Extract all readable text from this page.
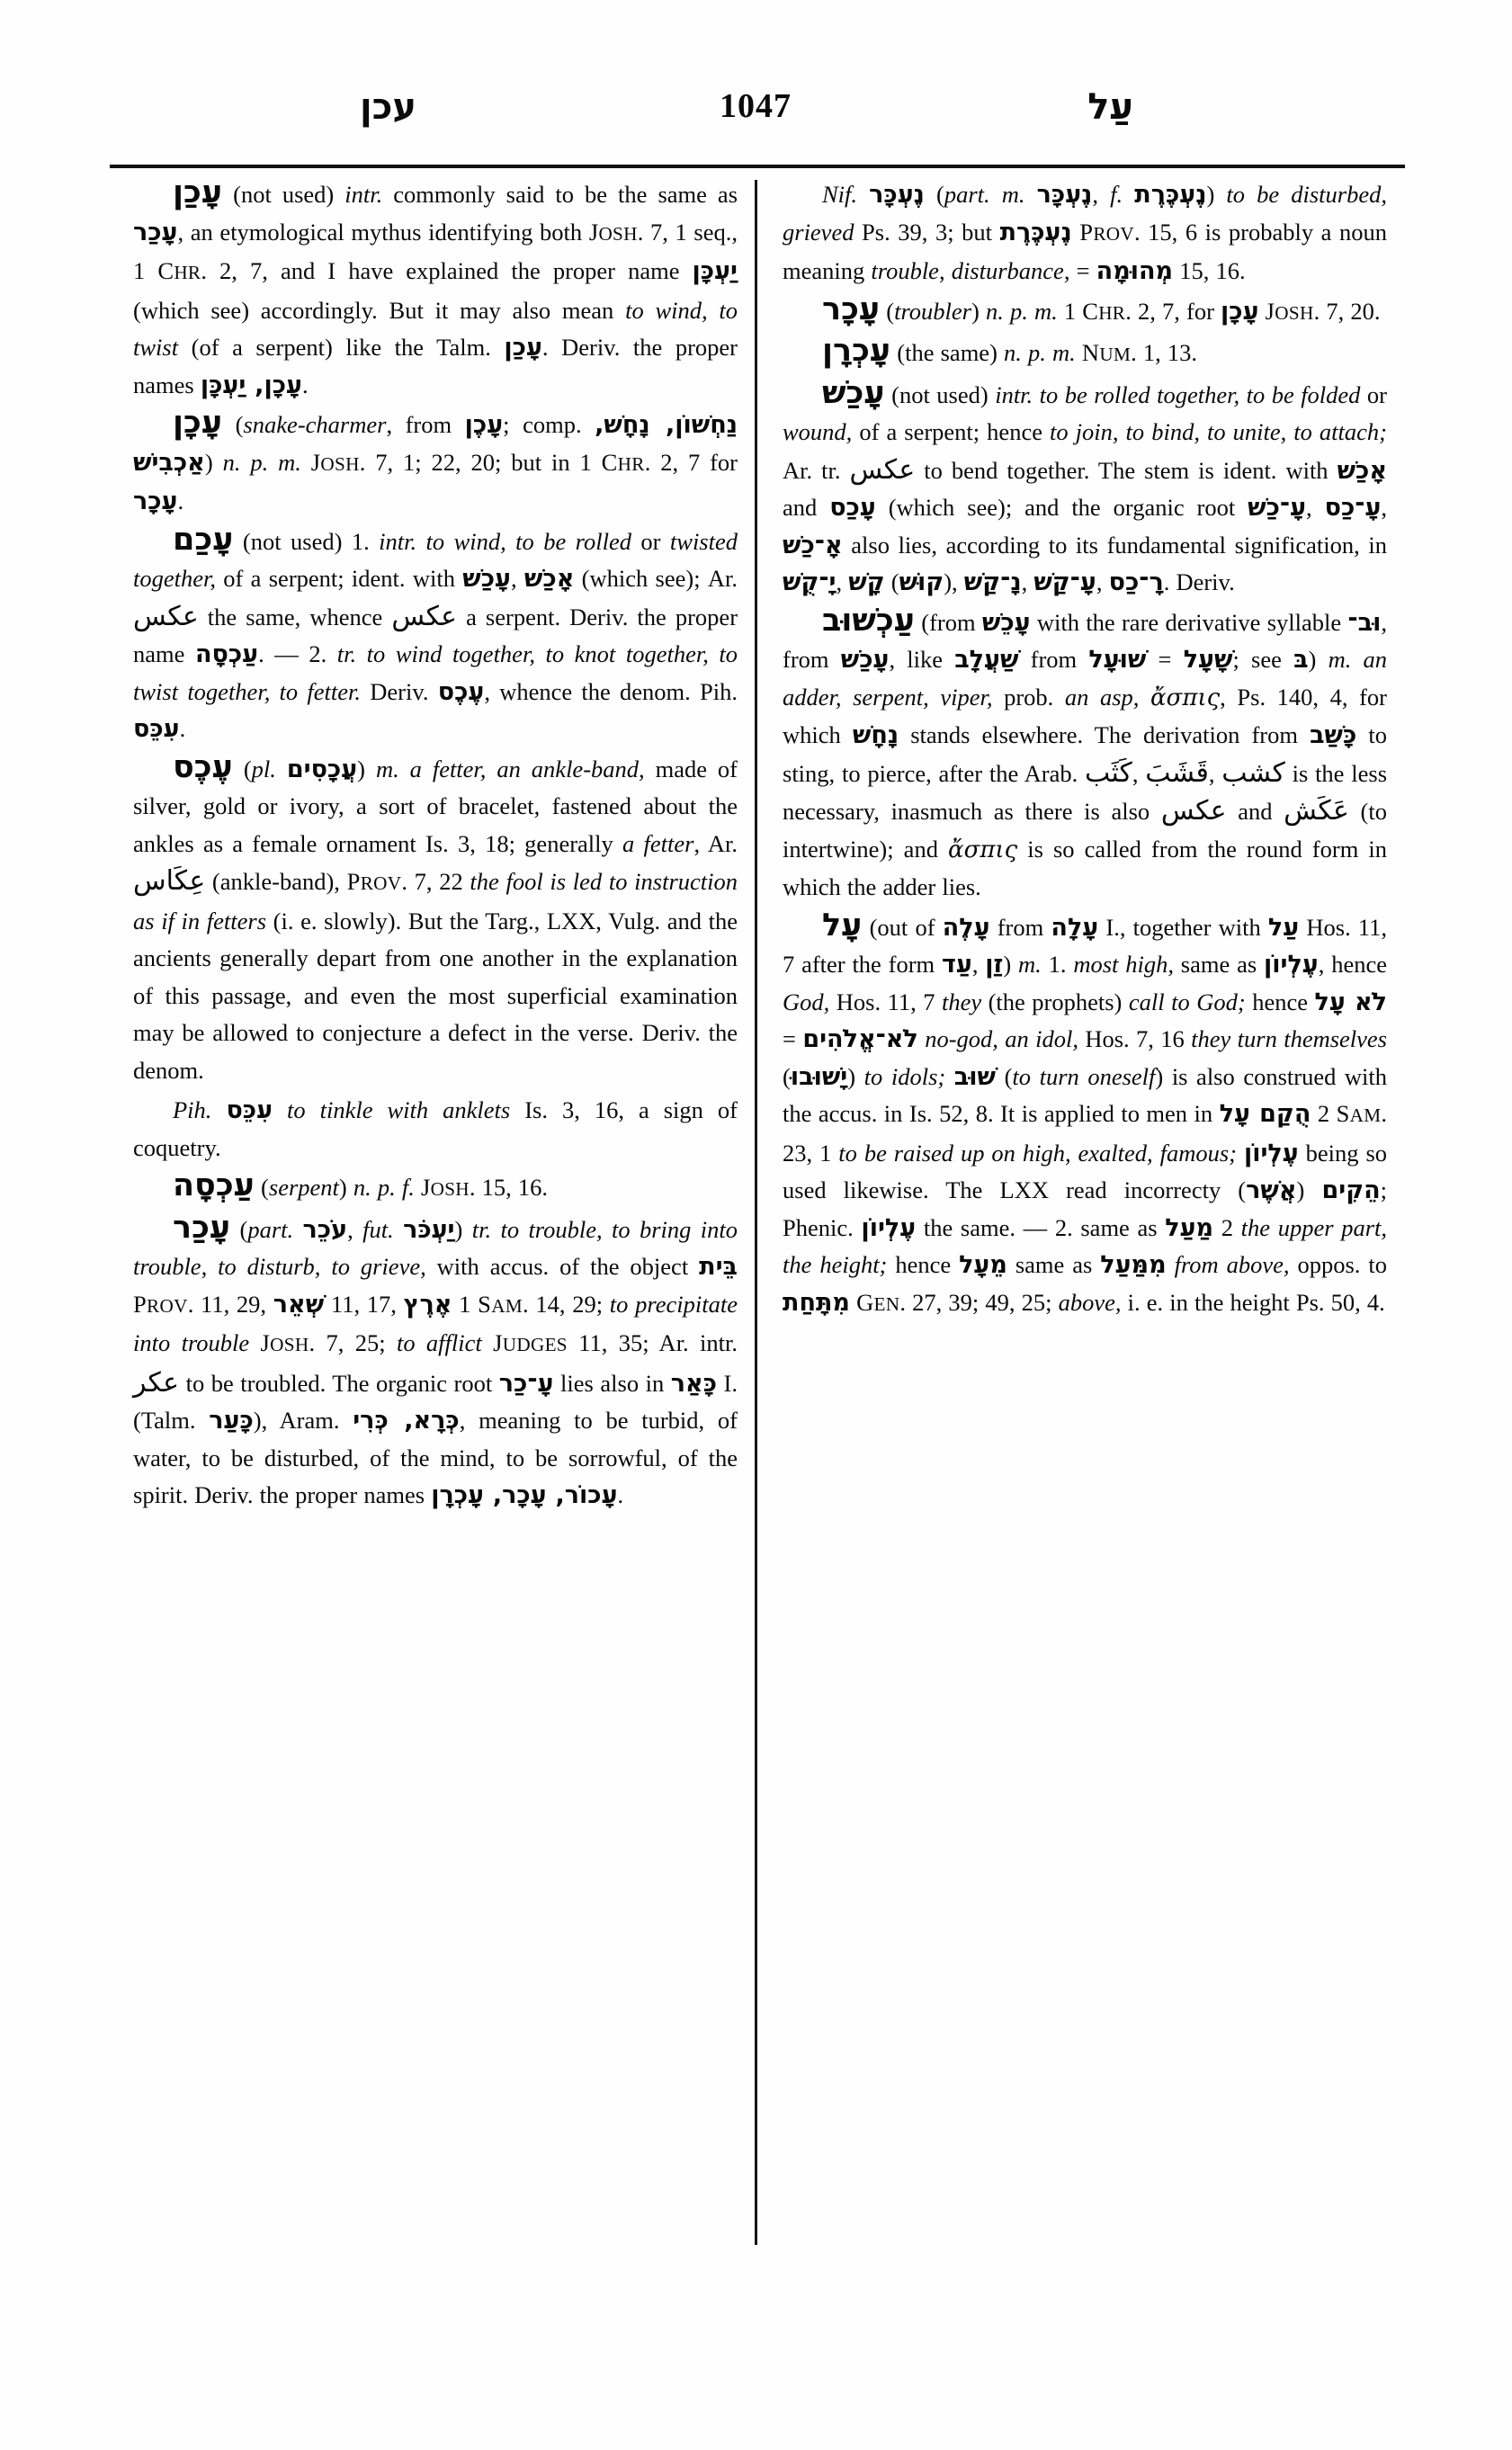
עכן	1047	עַל

עָכַן (not used) intr. commonly said to be the same as עָכַר, an etymological mythus identifying both JOSH. 7, 1 seq., 1 CHR. 2, 7, and I have explained the proper name יַעְכָּן (which see) accordingly. But it may also mean to wind, to twist (of a serpent) like the Talm. עָכַן. Deriv. the proper names עָכָן, יַעְכָּן.

עָכָן (snake-charmer, from עָכֶן; comp. נַחְשׁוֹן, נָחָשׁ, אַכְבִישׁ) n. p. m. JOSH. 7, 1; 22, 20; but in 1 CHR. 2, 7 for עָכָר.

עָכַם (not used) 1. intr. to wind, to be rolled or twisted together, of a serpent; ident. with עָכַשׁ, אָכַשׁ (which see); Ar. عكس the same, whence عكس a serpent. Deriv. the proper name עַכְסָה. — 2. tr. to wind together, to knot together, to twist together, to fetter. Deriv. עֶכֶס, whence the denom. Pih. עִכֵּס.

עֶכֶס (pl. עֲכָסִים) m. a fetter, an ankle-band, made of silver, gold or ivory, a sort of bracelet, fastened about the ankles as a female ornament Is. 3, 18; generally a fetter, Ar. عِكَاس (ankle-band), PROV. 7, 22 the fool is led to instruction as if in fetters (i. e. slowly). But the Targ., LXX, Vulg. and the ancients generally depart from one another in the explanation of this passage, and even the most superficial examination may be allowed to conjecture a defect in the verse. Deriv. the denom.

Pih. עִכֵּס to tinkle with anklets Is. 3, 16, a sign of coquetry.

עַכְסָה (serpent) n. p. f. JOSH. 15, 16.

עָכַר (part. עֹכֵר, fut. יַעְכֹּר) tr. to trouble, to bring into trouble, to disturb, to grieve, with accus. of the object בֵּית PROV. 11, 29, שְׁאֵר 11, 17, אֶרֶץ 1 SAM. 14, 29; to precipitate into trouble JOSH. 7, 25; to afflict JUDGES 11, 35; Ar. intr. عكر to be troubled. The organic root עָ־כַר lies also in כָּאַר I. (Talm. כָּעַר), Aram. כְּרָא, כְּרִי, meaning to be turbid, of water, to be disturbed, of the mind, to be sorrowful, of the spirit. Deriv. the proper names עָכוֹר, עָכָר, עָכְרָן.

Nif. נֶעְכָּר (part. m. נֶעְכָּר, f. נֶעְכֶּרֶת) to be disturbed, grieved Ps. 39, 3; but נֶעְכֶּרֶת PROV. 15, 6 is probably a noun meaning trouble, disturbance, = מְהוּמָה 15, 16.

עָכָר (troubler) n. p. m. 1 CHR. 2, 7, for עָכָן JOSH. 7, 20.

עָכְרָן (the same) n. p. m. NUM. 1, 13.

עָכַשׁ (not used) intr. to be rolled together, to be folded or wound, of a serpent; hence to join, to bind, to unite, to attach; Ar. tr. عكس to bend together. The stem is ident. with אָכַשׁ and עָכַס (which see); and the organic root עָ־כַשׁ, עָ־כַס, אָ־כַשׁ also lies, according to its fundamental signification, in יָ־קֻשׁ, קָשׁ (קוּשׁ), נָ־קַשׁ, עָ־קַשׁ, רָ־כַס. Deriv.

עַכְשׁוּב (from עָכֵשׁ with the rare derivative syllable וּב־, from עָכַשׁ, like שַׁעֲלָב from שׁוּעָל = שָׁעָל; see בּ) m. an adder, serpent, viper, prob. an asp, ἄσπις, Ps. 140, 4, for which נָחָשׁ stands elsewhere. The derivation from כָּשַׁב to sting, to pierce, after the Arab. كَثَب, قَشَبَ, كشب is the less necessary, inasmuch as there is also عكس and عَكَش (to intertwine); and ἄσπις is so called from the round form in which the adder lies.

עָל (out of עָלֶה from עָלָה I., together with עַל Hos. 11, 7 after the form עַד, זַן) m. 1. most high, same as עֶלְיוֹן, hence God, Hos. 11, 7 they (the prophets) call to God; hence לֹא עָל = לֹא־אֱלֹהִים no-god, an idol, Hos. 7, 16 they turn themselves (יָשׁוּבוּ) to idols; שׁוּב (to turn oneself) is also construed with the accus. in Is. 52, 8. It is applied to men in הֻקַם עָל 2 SAM. 23, 1 to be raised up on high, exalted, famous; עֶלְיוֹן being so used likewise. The LXX read incorrecty (אֲשֶׁר) הֵקִים; Phenic. עֶלְיוֹן the same. — 2. same as מַעַל 2 the upper part, the height; hence מֵעָל same as מִמַּעַל from above, oppos. to מִתָּחַת GEN. 27, 39; 49, 25; above, i. e. in the height Ps. 50, 4.
